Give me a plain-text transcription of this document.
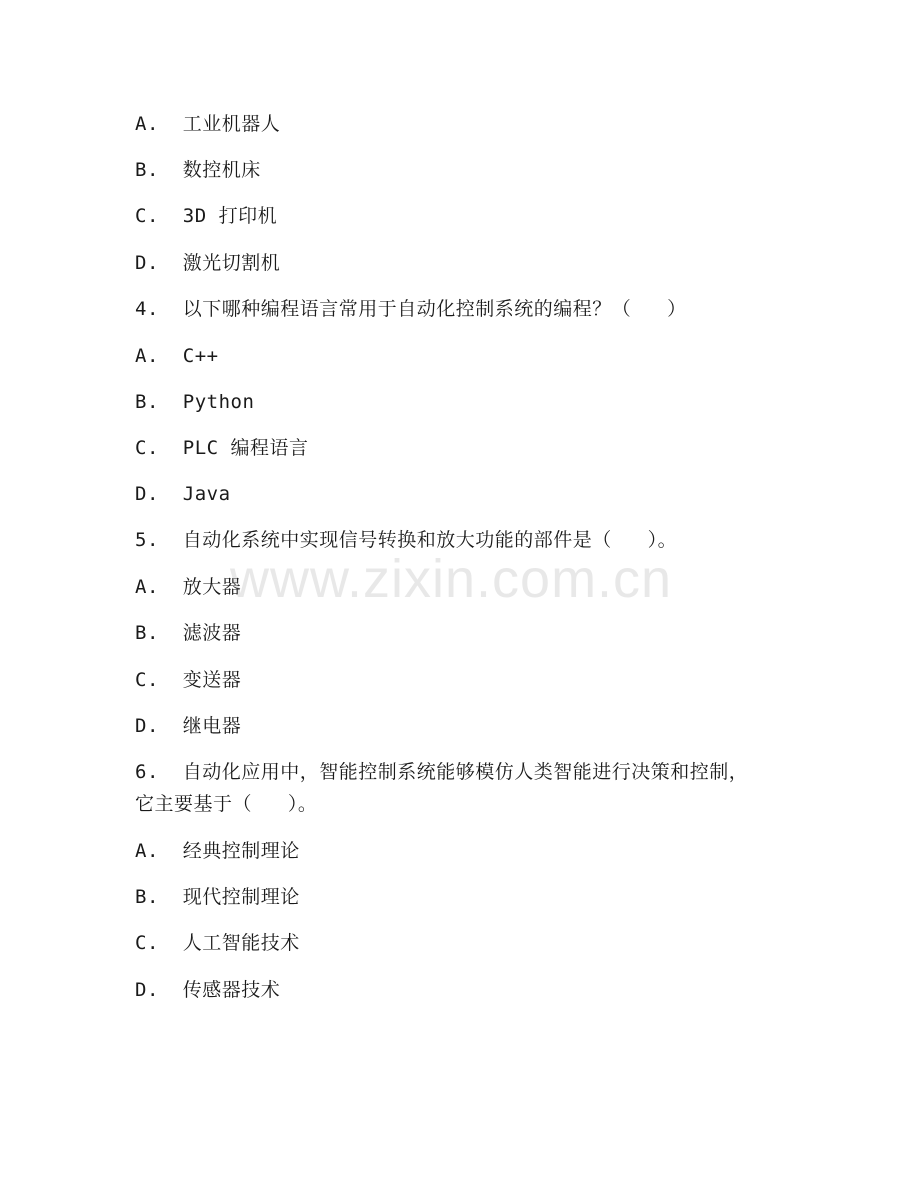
A.  工业机器人
B.  数控机床
C.  3D 打印机
D.  激光切割机
4.  以下哪种编程语言常用于自动化控制系统的编程？（   ）
A.  C++
B.  Python
C.  PLC 编程语言
D.  Java
5.  自动化系统中实现信号转换和放大功能的部件是（   ）。
A.  放大器
B.  滤波器
C.  变送器
D.  继电器
6.  自动化应用中，智能控制系统能够模仿人类智能进行决策和控制，
它主要基于（   ）。
A.  经典控制理论
B.  现代控制理论
C.  人工智能技术
D.  传感器技术
www.zixin.com.cn
